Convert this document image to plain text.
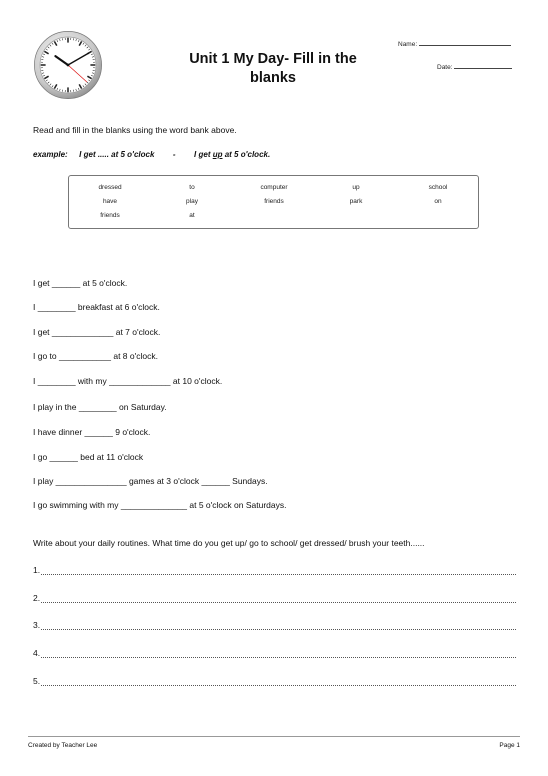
Unit 1 My Day- Fill in the
blanks
Name:
Date:
Read and fill in the blanks using the word bank above.
example: I get ..... at 5 o'clock - I get up at 5 o'clock.
dressed	to	computer	up	school
have	play	friends	park	on
friends	at
I get ______ at 5 o'clock.
I ________ breakfast at 6 o'clock.
I get _____________ at 7 o'clock.
I go to ___________ at 8 o'clock.
I ________ with my _____________ at 10 o'clock.
I play in the ________ on Saturday.
I have dinner ______ 9 o'clock.
I go ______ bed at 11 o'clock
I play _______________ games at 3 o'clock ______ Sundays.
I go swimming with my ______________ at 5 o'clock on Saturdays.
Write about your daily routines. What time do you get up/ go to school/ get dressed/ brush your teeth......
1.
2.
3.
4.
5.
Created by Teacher Lee	Page 1
